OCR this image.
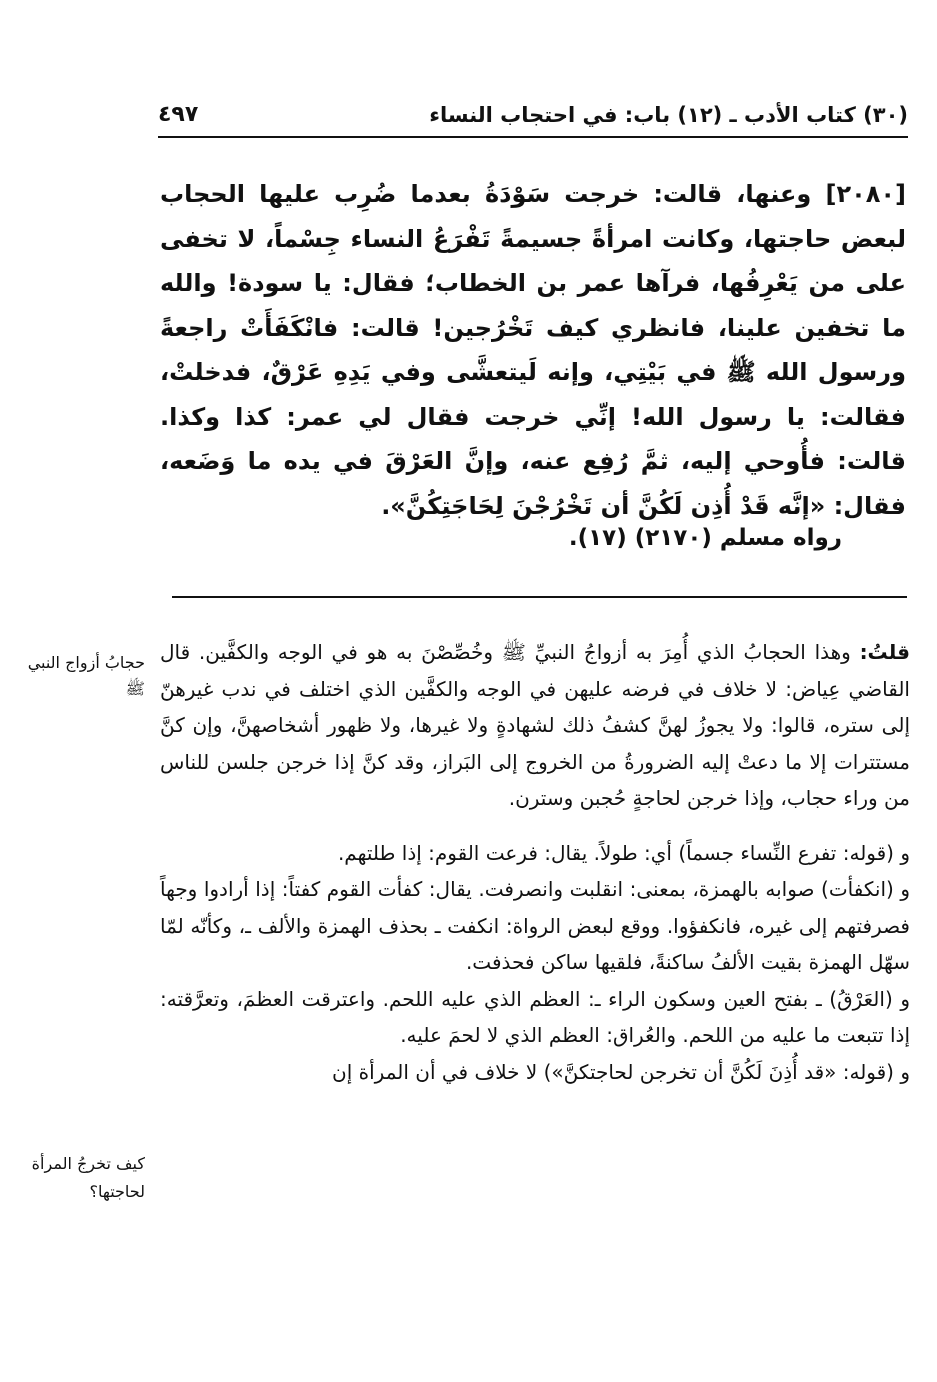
(٣٠) كتاب الأدب ـ (١٢) باب: في احتجاب النساء
٤٩٧
[٢٠٨٠] وعنها، قالت: خرجت سَوْدَةُ بعدما ضُرِب عليها الحجاب لبعض حاجتها، وكانت امرأةً جسيمةً تَفْرَعُ النساء جِسْماً، لا تخفى على من يَعْرِفُها، فرآها عمر بن الخطاب؛ فقال: يا سودة! والله ما تخفين علينا، فانظري كيف تَخْرُجين! قالت: فانْكَفَأَتْ راجعةً ورسول الله ﷺ في بَيْتِي، وإنه لَيتعشَّى وفي يَدِهِ عَرْقٌ، فدخلتْ، فقالت: يا رسول الله! إنِّي خرجت فقال لي عمر: كذا وكذا. قالت: فأُوحي إليه، ثمَّ رُفِع عنه، وإنَّ العَرْقَ في يده ما وَضَعه، فقال: «إنَّه قَدْ أُذِن لَكُنَّ أن تَخْرُجْنَ لِحَاجَتِكُنَّ».
رواه مسلم (٢١٧٠) (١٧).

قلتُ: وهذا الحجابُ الذي أُمِرَ به أزواجُ النبيِّ ﷺ وخُصِّصْنَ به هو في الوجه والكفَّين. قال القاضي عِياض: لا خلاف في فرضه عليهن في الوجه والكفَّين الذي اختلف في ندب غيرهنّ إلى ستره، قالوا: ولا يجوزُ لهنَّ كشفُ ذلك لشهادةٍ ولا غيرها، ولا ظهور أشخاصهنَّ، وإن كنَّ مستترات إلا ما دعتْ إليه الضرورةُ من الخروج إلى البَراز، وقد كنَّ إذا خرجن جلسن للناس من وراء حجاب، وإذا خرجن لحاجةٍ حُجبن وسترن.

و (قوله: تفرع النِّساء جسماً) أي: طولاً. يقال: فرعت القوم: إذا طلتهم.

و (انكفأت) صوابه بالهمزة، بمعنى: انقلبت وانصرفت. يقال: كفأت القوم كفتاً: إذا أرادوا وجهاً فصرفتهم إلى غيره، فانكفؤوا. ووقع لبعض الرواة: انكفت ـ بحذف الهمزة والألف ـ، وكأنّه لمّا سهّل الهمزة بقيت الألفُ ساكنةً، فلقيها ساكن فحذفت.

و (العَرْقُ) ـ بفتح العين وسكون الراء ـ: العظم الذي عليه اللحم. واعترقت العظمَ، وتعرَّقته: إذا تتبعت ما عليه من اللحم. والعُراق: العظم الذي لا لحمَ عليه.

و (قوله: «قد أُذِنَ لَكُنَّ أن تخرجن لحاجتكنَّ») لا خلاف في أن المرأة إن

حجابُ أزواج النبي ﷺ
كيف تخرجُ المرأة لحاجتها؟
